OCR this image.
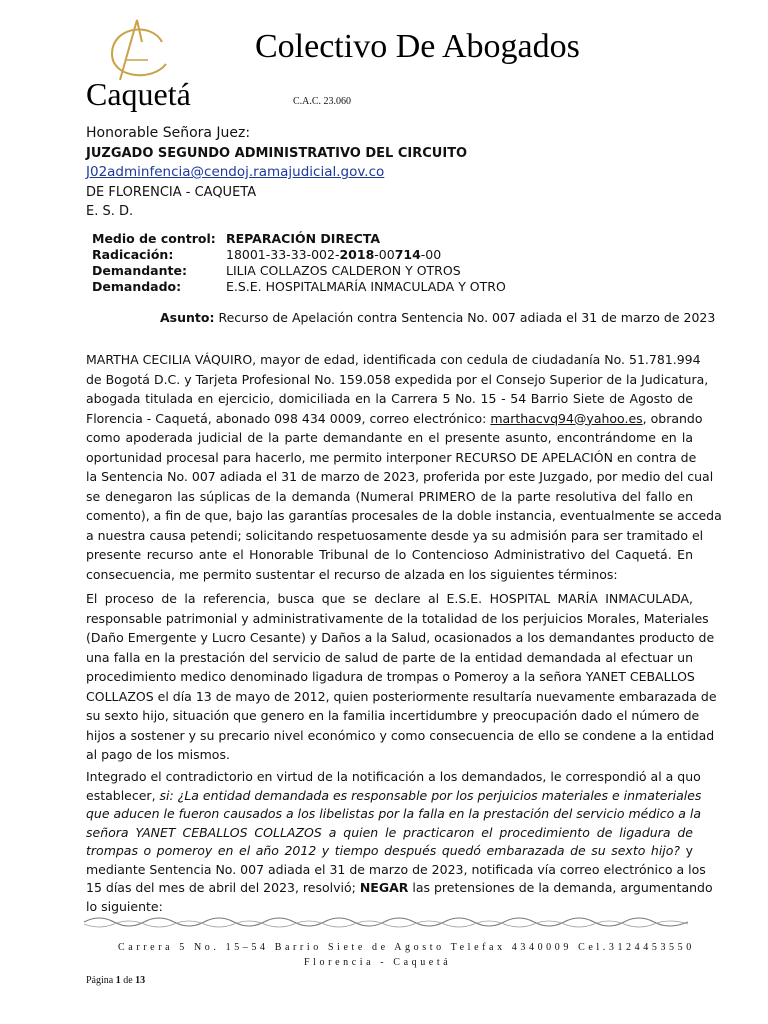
Colectivo De Abogados
Caquetá	C.A.C. 23.060
Honorable Señora Juez:
JUZGADO SEGUNDO ADMINISTRATIVO DEL CIRCUITO
J02adminfencia@cendoj.ramajudicial.gov.co
DE FLORENCIA - CAQUETA
E. S. D.
Medio de control: REPARACIÓN DIRECTA
Radicación:	18001-33-33-002-2018-00714-00
Demandante:	LILIA COLLAZOS CALDERON Y OTROS
Demandado:	E.S.E. HOSPITALMARÍA INMACULADA Y OTRO
Asunto: Recurso de Apelación contra Sentencia No. 007 adiada el 31 de marzo de 2023
MARTHA CECILIA VÁQUIRO, mayor de edad, identificada con cedula de ciudadanía No. 51.781.994
de Bogotá D.C. y Tarjeta Profesional No. 159.058 expedida por el Consejo Superior de la Judicatura,
abogada titulada en ejercicio, domiciliada en la Carrera 5 No. 15 - 54 Barrio Siete de Agosto de
Florencia - Caquetá, abonado 098 434 0009, correo electrónico: marthacvq94@yahoo.es, obrando
como apoderada judicial de la parte demandante en el presente asunto, encontrándome en la
oportunidad procesal para hacerlo, me permito interponer RECURSO DE APELACIÓN en contra de
la Sentencia No. 007 adiada el 31 de marzo de 2023, proferida por este Juzgado, por medio del cual
se denegaron las súplicas de la demanda (Numeral PRIMERO de la parte resolutiva del fallo en
comento), a fin de que, bajo las garantías procesales de la doble instancia, eventualmente se acceda
a nuestra causa petendi; solicitando respetuosamente desde ya su admisión para ser tramitado el
presente recurso ante el Honorable Tribunal de lo Contencioso Administrativo del Caquetá. En
consecuencia, me permito sustentar el recurso de alzada en los siguientes términos:
El proceso de la referencia, busca que se declare al E.S.E. HOSPITAL MARÍA INMACULADA,
responsable patrimonial y administrativamente de la totalidad de los perjuicios Morales, Materiales
(Daño Emergente y Lucro Cesante) y Daños a la Salud, ocasionados a los demandantes producto de
una falla en la prestación del servicio de salud de parte de la entidad demandada al efectuar un
procedimiento medico denominado ligadura de trompas o Pomeroy a la señora YANET CEBALLOS
COLLAZOS el día 13 de mayo de 2012, quien posteriormente resultaría nuevamente embarazada de
su sexto hijo, situación que genero en la familia incertidumbre y preocupación dado el número de
hijos a sostener y su precario nivel económico y como consecuencia de ello se condene a la entidad
al pago de los mismos.
Integrado el contradictorio en virtud de la notificación a los demandados, le correspondió al a quo
establecer, si: ¿La entidad demandada es responsable por los perjuicios materiales e inmateriales
que aducen le fueron causados a los libelistas por la falla en la prestación del servicio médico a la
señora YANET CEBALLOS COLLAZOS a quien le practicaron el procedimiento de ligadura de
trompas o pomeroy en el año 2012 y tiempo después quedó embarazada de su sexto hijo? y
mediante Sentencia No. 007 adiada el 31 de marzo de 2023, notificada vía correo electrónico a los
15 días del mes de abril del 2023, resolvió; NEGAR las pretensiones de la demanda, argumentando
lo siguiente:
Carrera 5 No. 15–54 Barrio Siete de Agosto Telefax 4340009 Cel.3124453550
Florencia - Caquetá
Página 1 de 13
